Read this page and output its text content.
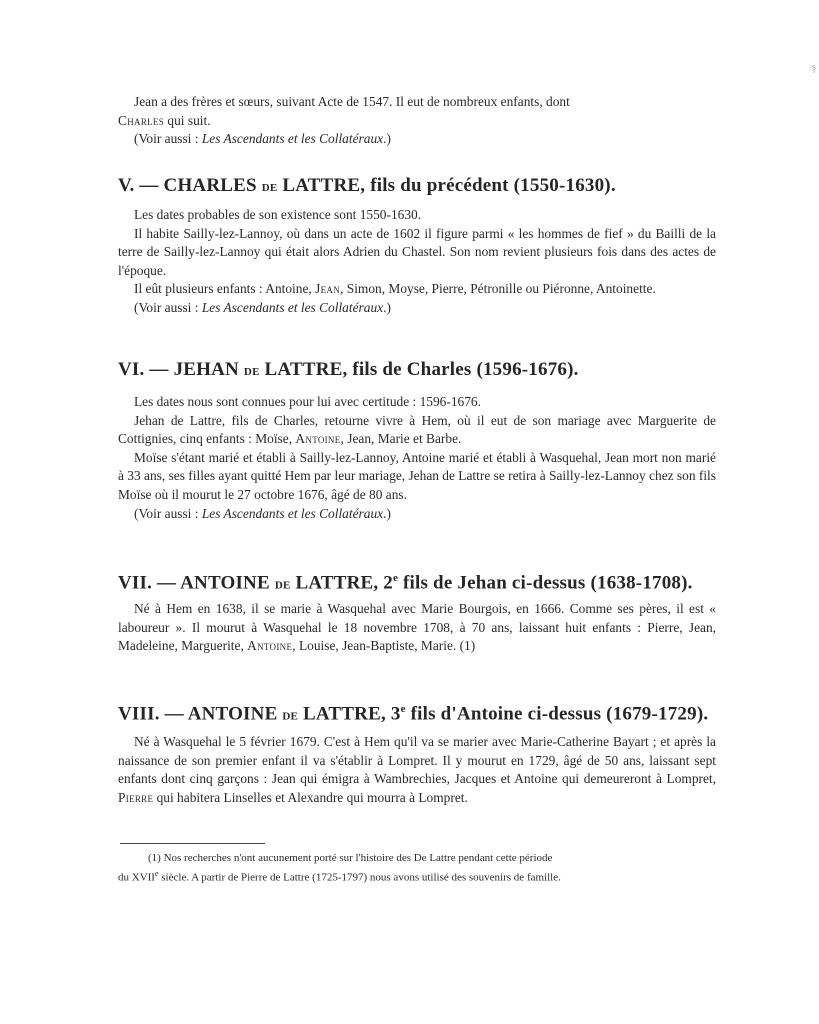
ş

Jean a des frères et sœurs, suivant Acte de 1547. Il eut de nombreux enfants, dont

Charles qui suit.

(Voir aussi : Les Ascendants et les Collatéraux.)

V. — CHARLES de LATTRE, fils du précédent (1550-1630).

Les dates probables de son existence sont 1550-1630.

Il habite Sailly-lez-Lannoy, où dans un acte de 1602 il figure parmi « les hommes de fief » du Bailli de la terre de Sailly-lez-Lannoy qui était alors Adrien du Chastel. Son nom revient plusieurs fois dans des actes de l'époque.

Il eût plusieurs enfants : Antoine, Jean, Simon, Moyse, Pierre, Pétronille ou Piéronne, Antoinette.

(Voir aussi : Les Ascendants et les Collatéraux.)

VI. — JEHAN de LATTRE, fils de Charles (1596-1676).

Les dates nous sont connues pour lui avec certitude : 1596-1676.

Jehan de Lattre, fils de Charles, retourne vivre à Hem, où il eut de son mariage avec Marguerite de Cottignies, cinq enfants : Moïse, Antoine, Jean, Marie et Barbe.

Moïse s'étant marié et établi à Sailly-lez-Lannoy, Antoine marié et établi à Wasquehal, Jean mort non marié à 33 ans, ses filles ayant quitté Hem par leur mariage, Jehan de Lattre se retira à Sailly-lez-Lannoy chez son fils Moïse où il mourut le 27 octobre 1676, âgé de 80 ans.

(Voir aussi : Les Ascendants et les Collatéraux.)

VII. — ANTOINE de LATTRE, 2e fils de Jehan ci-dessus (1638-1708).

Né à Hem en 1638, il se marie à Wasquehal avec Marie Bourgois, en 1666. Comme ses pères, il est « laboureur ». Il mourut à Wasquehal le 18 novembre 1708, à 70 ans, laissant huit enfants : Pierre, Jean, Madeleine, Marguerite, Antoine, Louise, Jean-Baptiste, Marie. (1)

VIII. — ANTOINE de LATTRE, 3e fils d'Antoine ci-dessus (1679-1729).

Né à Wasquehal le 5 février 1679. C'est à Hem qu'il va se marier avec Marie-Catherine Bayart ; et après la naissance de son premier enfant il va s'établir à Lompret. Il y mourut en 1729, âgé de 50 ans, laissant sept enfants dont cinq garçons : Jean qui émigra à Wambrechies, Jacques et Antoine qui demeureront à Lompret, Pierre qui habitera Linselles et Alexandre qui mourra à Lompret.

(1) Nos recherches n'ont aucunement porté sur l'histoire des De Lattre pendant cette période

du XVIIe siècle. A partir de Pierre de Lattre (1725-1797) nous avons utilisé des souvenirs de famille.
